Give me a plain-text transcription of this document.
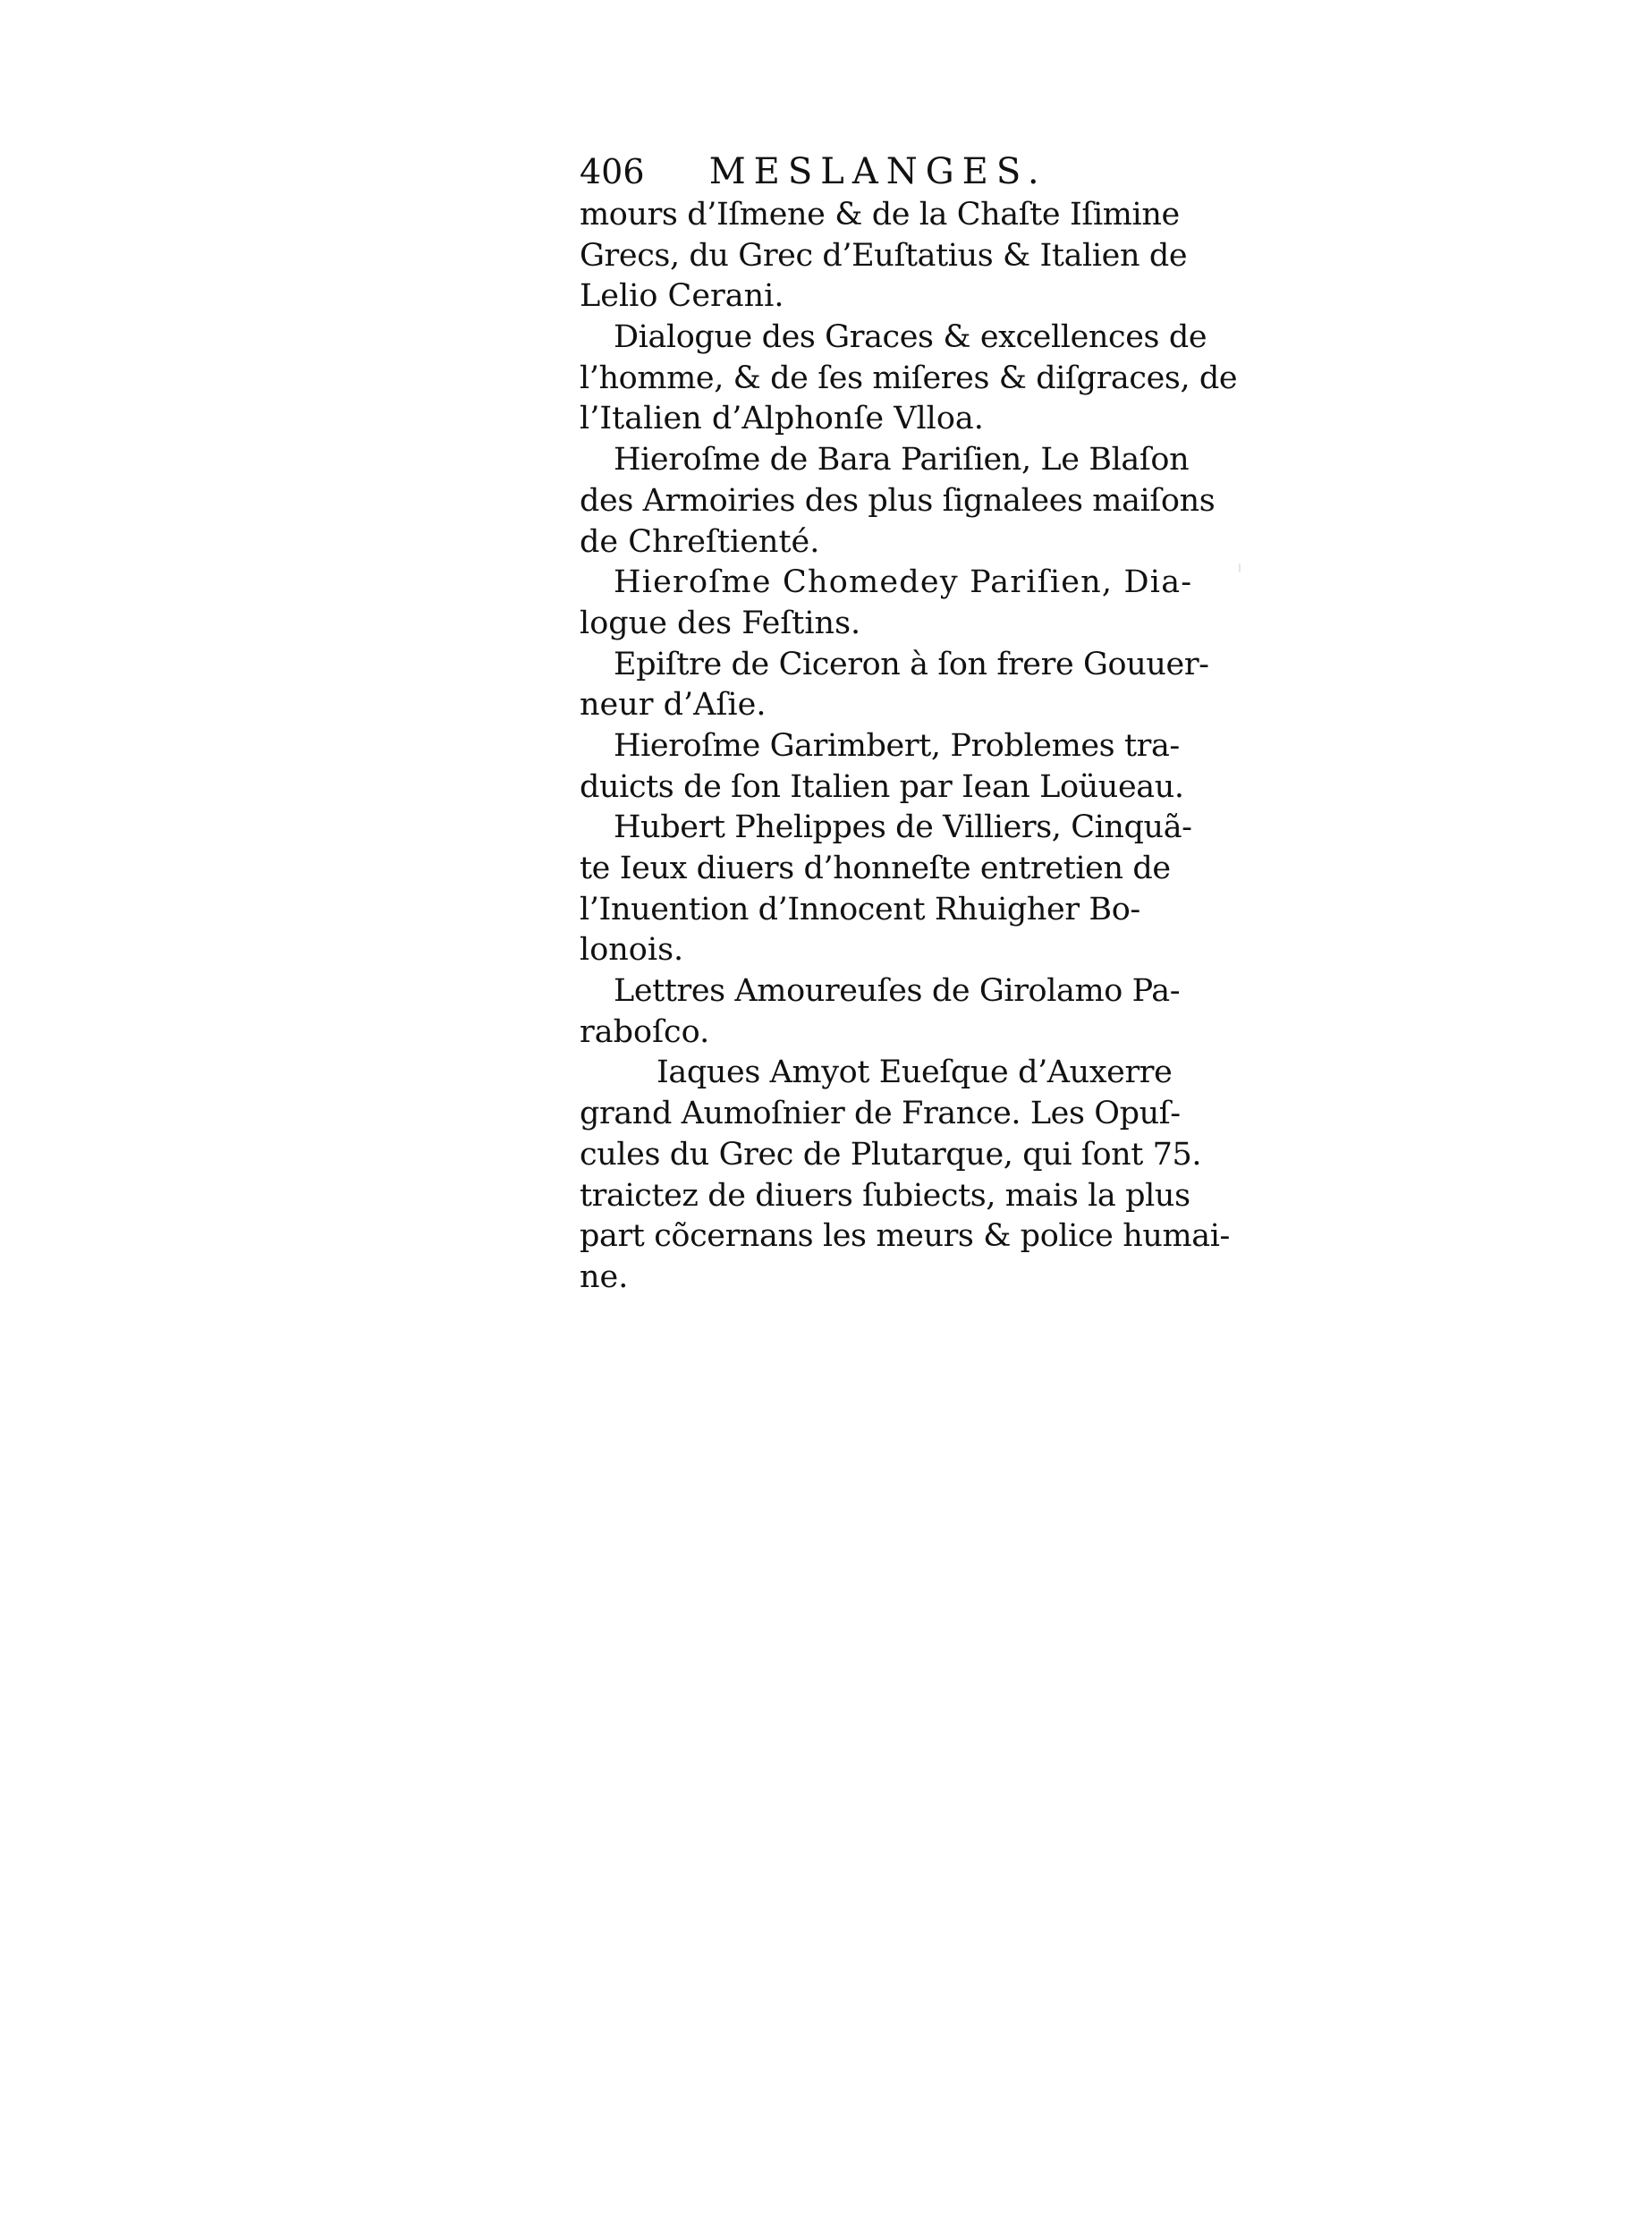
406 MESLANGES.
mours d’Iſmene & de la Chaſte Iſimine
Grecs, du Grec d’Euſtatius & Italien de
Lelio Cerani.
Dialogue des Graces & excellences de
l’homme, & de ſes miſeres & diſgraces, de
l’Italien d’Alphonſe Vlloa.
Hieroſme de Bara Pariſien, Le Blaſon
des Armoiries des plus ſignalees maiſons
de Chreſtienté.
Hieroſme Chomedey Pariſien, Dia-
logue des Feſtins.
Epiſtre de Ciceron à ſon frere Gouuer-
neur d’Aſie.
Hieroſme Garimbert, Problemes tra-
duicts de ſon Italien par Iean Loüueau.
Hubert Phelippes de Villiers, Cinquã-
te Ieux diuers d’honneſte entretien de
l’Inuention d’Innocent Rhuigher Bo-
lonois.
Lettres Amoureuſes de Girolamo Pa-
raboſco.
Iaques Amyot Eueſque d’Auxerre
grand Aumoſnier de France. Les Opuſ-
cules du Grec de Plutarque, qui ſont 75.
traictez de diuers ſubiects, mais la plus
part cõcernans les meurs & police humai-
ne.
